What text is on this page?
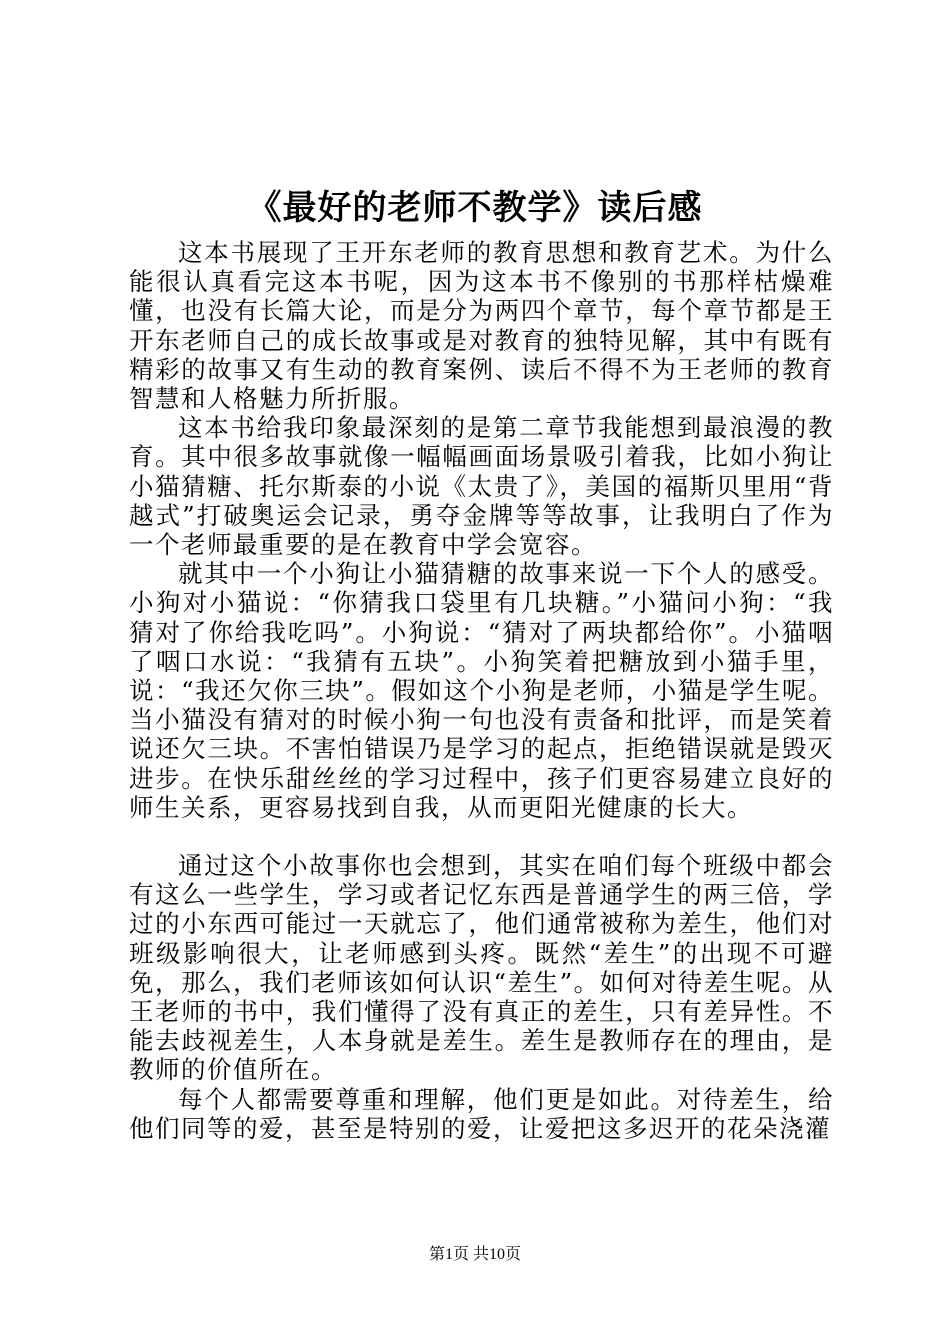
《最好的老师不教学》读后感

这本书展现了王开东老师的教育思想和教育艺术。为什么能很认真看完这本书呢，因为这本书不像别的书那样枯燥难懂，也没有长篇大论，而是分为两四个章节，每个章节都是王开东老师自己的成长故事或是对教育的独特见解，其中有既有精彩的故事又有生动的教育案例、读后不得不为王老师的教育智慧和人格魅力所折服。

这本书给我印象最深刻的是第二章节我能想到最浪漫的教育。其中很多故事就像一幅幅画面场景吸引着我，比如小狗让小猫猜糖、托尔斯泰的小说《太贵了》，美国的福斯贝里用“背越式”打破奥运会记录，勇夺金牌等等故事，让我明白了作为一个老师最重要的是在教育中学会宽容。

就其中一个小狗让小猫猜糖的故事来说一下个人的感受。小狗对小猫说：“你猜我口袋里有几块糖。”小猫问小狗：“我猜对了你给我吃吗”。小狗说：“猜对了两块都给你”。小猫咽了咽口水说：“我猜有五块”。小狗笑着把糖放到小猫手里，说：“我还欠你三块”。假如这个小狗是老师，小猫是学生呢。当小猫没有猜对的时候小狗一句也没有责备和批评，而是笑着说还欠三块。不害怕错误乃是学习的起点，拒绝错误就是毁灭进步。在快乐甜丝丝的学习过程中，孩子们更容易建立良好的师生关系，更容易找到自我，从而更阳光健康的长大。

通过这个小故事你也会想到，其实在咱们每个班级中都会有这么一些学生，学习或者记忆东西是普通学生的两三倍，学过的小东西可能过一天就忘了，他们通常被称为差生，他们对班级影响很大，让老师感到头疼。既然“差生”的出现不可避免，那么，我们老师该如何认识“差生”。如何对待差生呢。从王老师的书中，我们懂得了没有真正的差生，只有差异性。不能去歧视差生，人本身就是差生。差生是教师存在的理由，是教师的价值所在。

每个人都需要尊重和理解，他们更是如此。对待差生，给他们同等的爱，甚至是特别的爱，让爱把这多迟开的花朵浇灌

第1页 共10页
